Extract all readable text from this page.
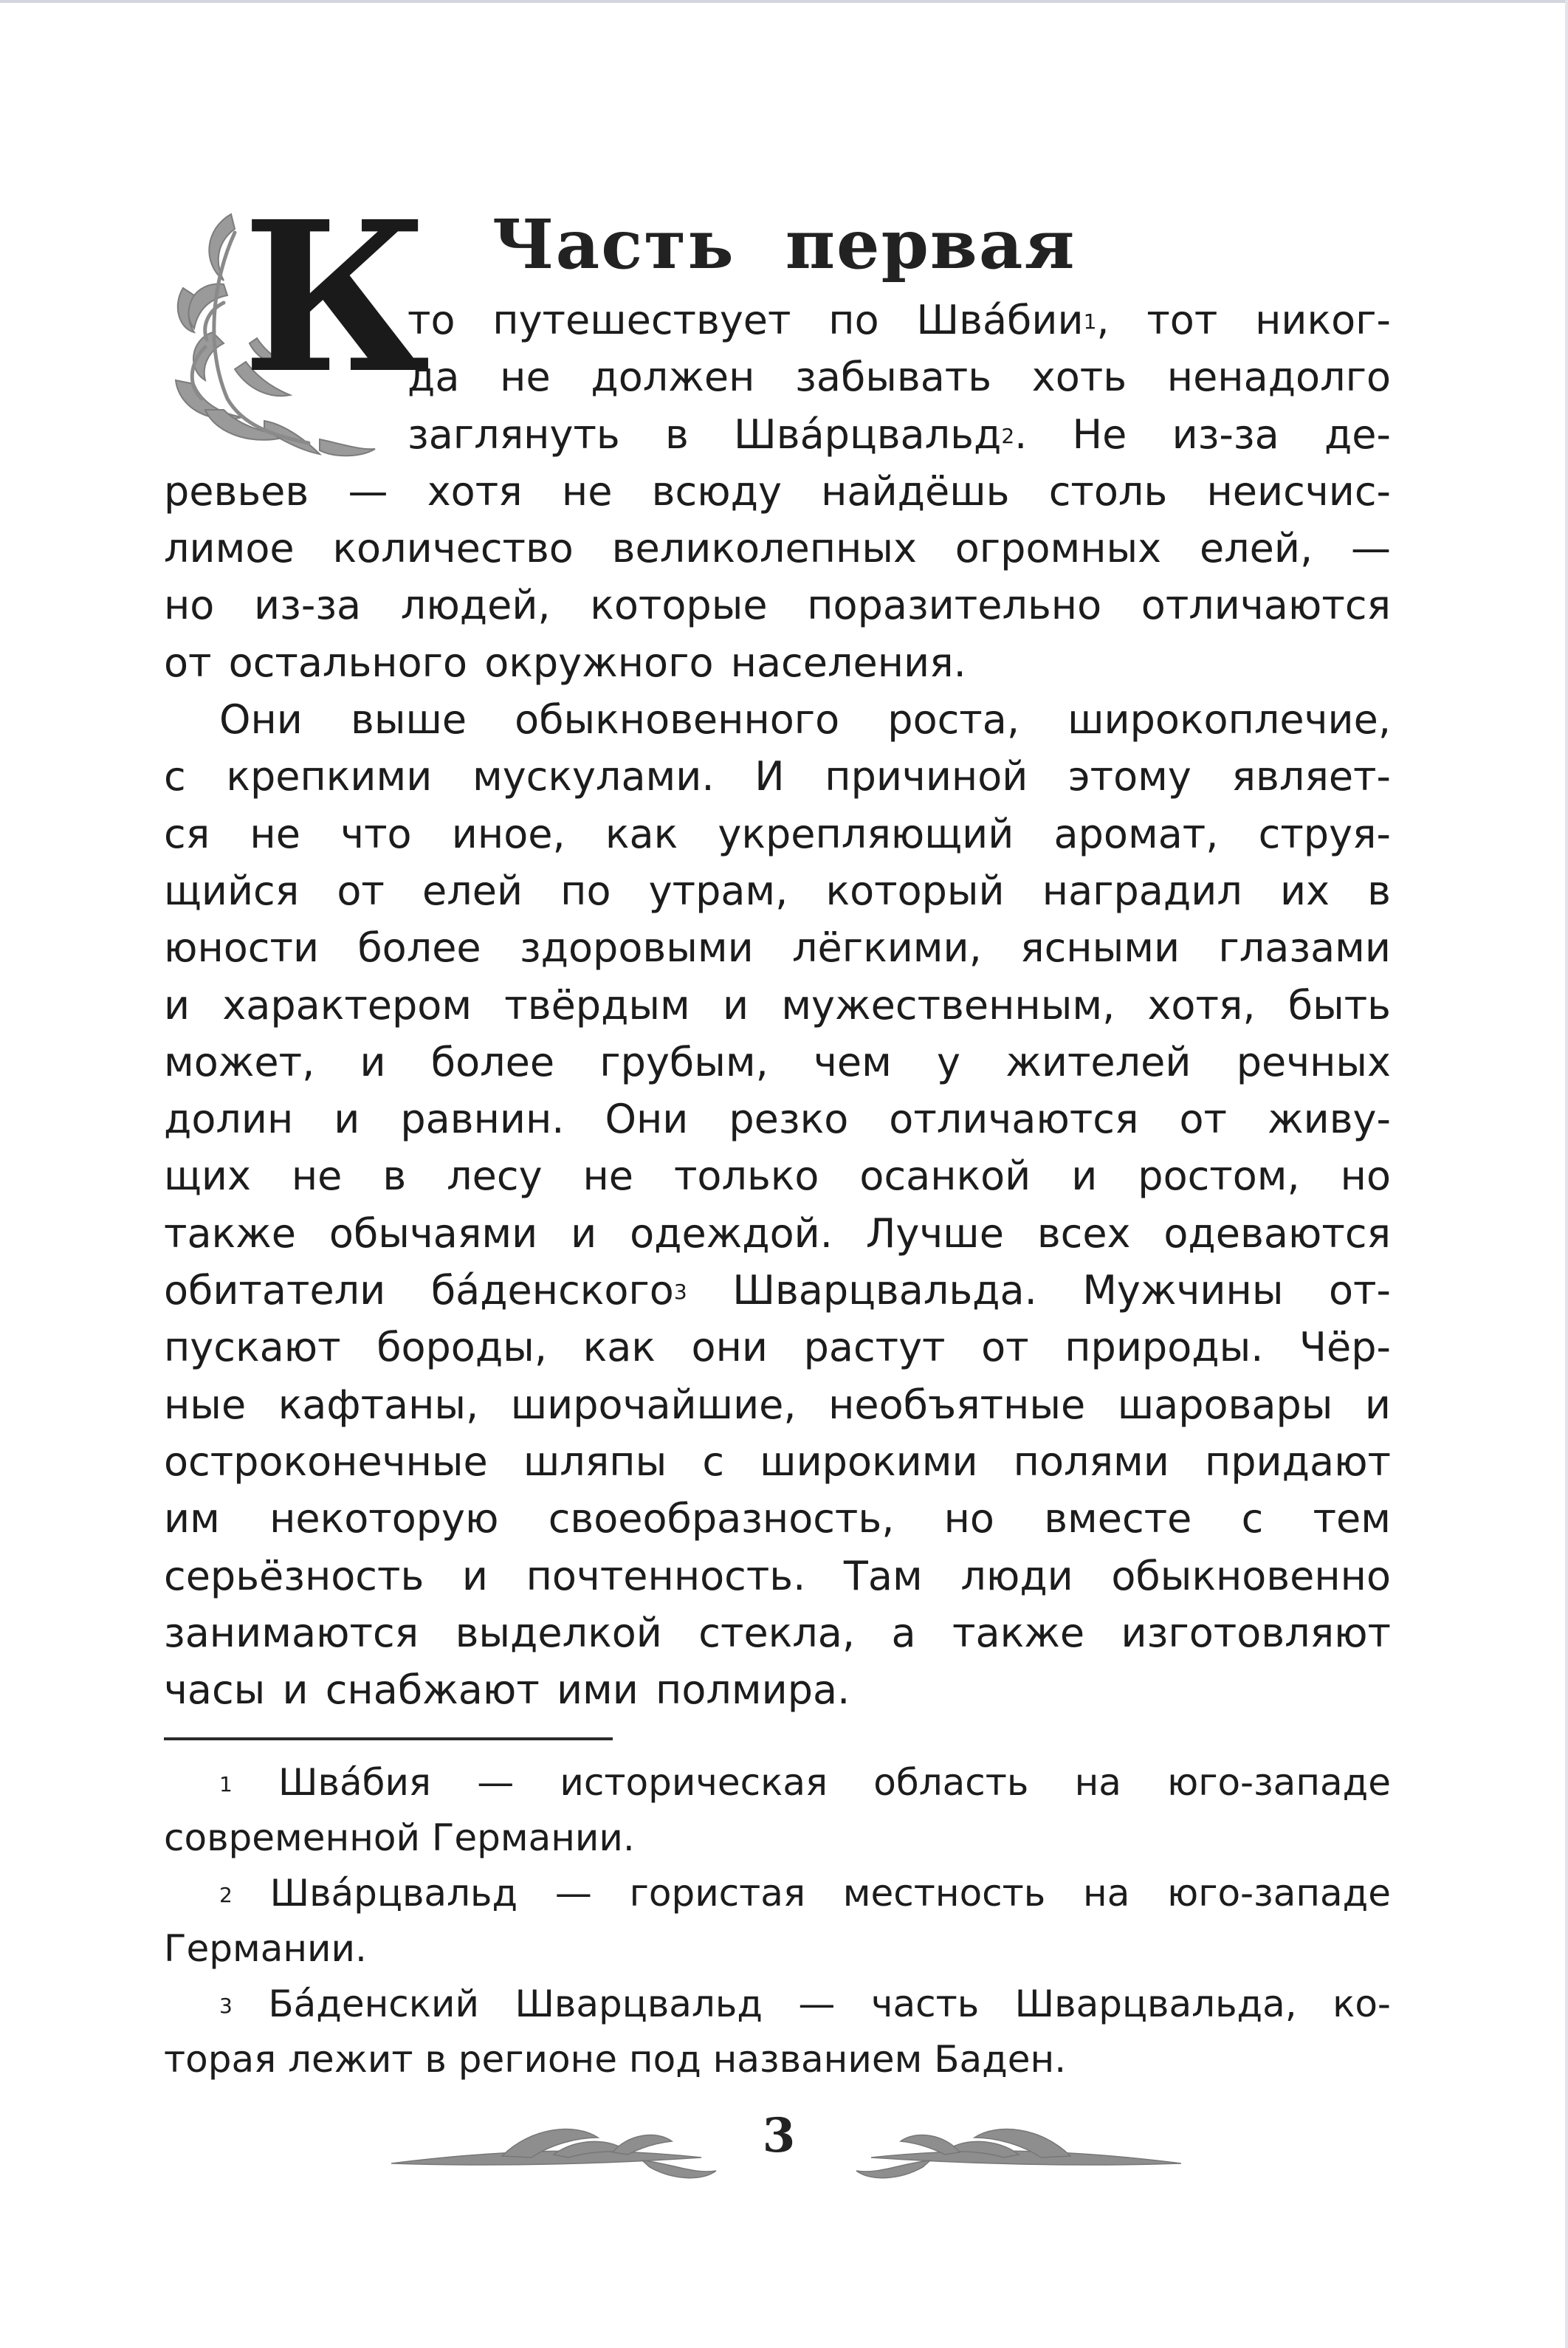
Часть первая
К
то путешествует по Шва́бии$^1$, тот никог-
да не должен забывать хоть ненадолго
заглянуть в Шва́рцвальд$^2$. Не из-за де-
ревьев — хотя не всюду найдёшь столь неисчис-
лимое количество великолепных огромных елей, —
но из-за людей, которые поразительно отличаются
от остального окружного населения.
Они выше обыкновенного роста, широкоплечие,
с крепкими мускулами. И причиной этому являет-
ся не что иное, как укрепляющий аромат, струя-
щийся от елей по утрам, который наградил их в
юности более здоровыми лёгкими, ясными глазами
и характером твёрдым и мужественным, хотя, быть
может, и более грубым, чем у жителей речных
долин и равнин. Они резко отличаются от живу-
щих не в лесу не только осанкой и ростом, но
также обычаями и одеждой. Лучше всех одеваются
обитатели ба́денского$^3$ Шварцвальда. Мужчины от-
пускают бороды, как они растут от природы. Чёр-
ные кафтаны, широчайшие, необъятные шаровары и
остроконечные шляпы с широкими полями придают
им некоторую своеобразность, но вместе с тем
серьёзность и почтенность. Там люди обыкновенно
занимаются выделкой стекла, а также изготовляют
часы и снабжают ими полмира.
$^1$ Шва́бия — историческая область на юго-западе
современной Германии.
$^2$ Шва́рцвальд — гористая местность на юго-западе
Германии.
$^3$ Ба́денский Шварцвальд — часть Шварцвальда, ко-
торая лежит в регионе под названием Баден.
3
